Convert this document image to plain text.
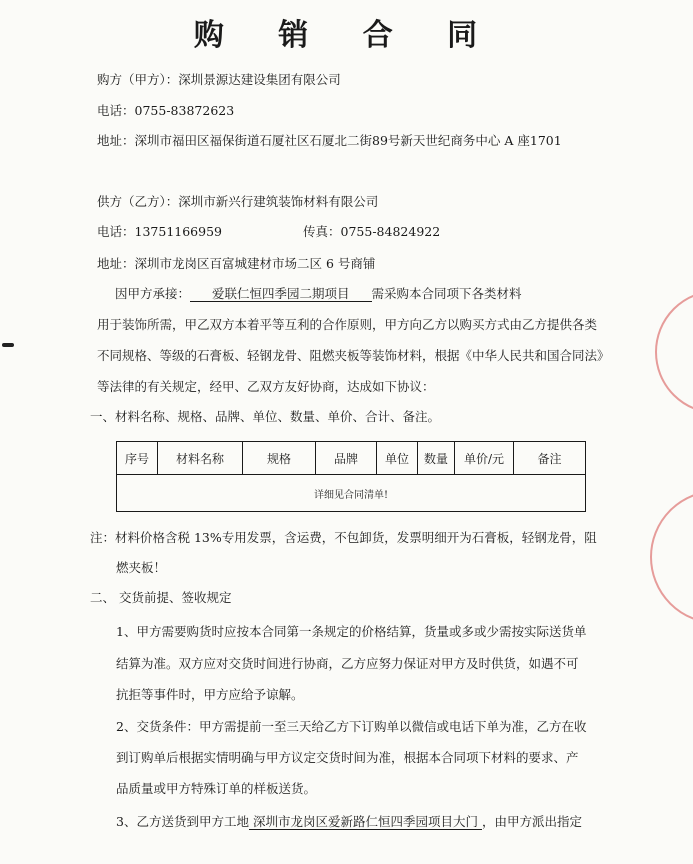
购 销 合 同
购方（甲方）：深圳景源达建设集团有限公司
电话：0755-83872623
地址：深圳市福田区福保街道石厦社区石厦北二街89号新天世纪商务中心 A 座1701
供方（乙方）：深圳市新兴行建筑装饰材料有限公司
电话：13751166959	传真：0755-84824922
地址：深圳市龙岗区百富城建材市场二区 6 号商铺
因甲方承接： 爱联仁恒四季园二期项目 需采购本合同项下各类材料
用于装饰所需，甲乙双方本着平等互利的合作原则，甲方向乙方以购买方式由乙方提供各类
不同规格、等级的石膏板、轻钢龙骨、阻燃夹板等装饰材料，根据《中华人民共和国合同法》
等法律的有关规定，经甲、乙双方友好协商，达成如下协议：
一、材料名称、规格、品牌、单位、数量、单价、合计、备注。
序号	材料名称	规格	品牌	单位	数量	单价/元	备注
详细见合同清单!
注：材料价格含税 13%专用发票，含运费，不包卸货，发票明细开为石膏板，轻钢龙骨，阻
燃夹板！
二、 交货前提、签收规定
1、甲方需要购货时应按本合同第一条规定的价格结算，货量或多或少需按实际送货单
结算为准。双方应对交货时间进行协商，乙方应努力保证对甲方及时供货，如遇不可
抗拒等事件时，甲方应给予谅解。
2、交货条件：甲方需提前一至三天给乙方下订购单以微信或电话下单为准，乙方在收
到订购单后根据实情明确与甲方议定交货时间为准，根据本合同项下材料的要求、产
品质量或甲方特殊订单的样板送货。
3、乙方送货到甲方工地 深圳市龙岗区爱新路仁恒四季园项目大门 ，由甲方派出指定
